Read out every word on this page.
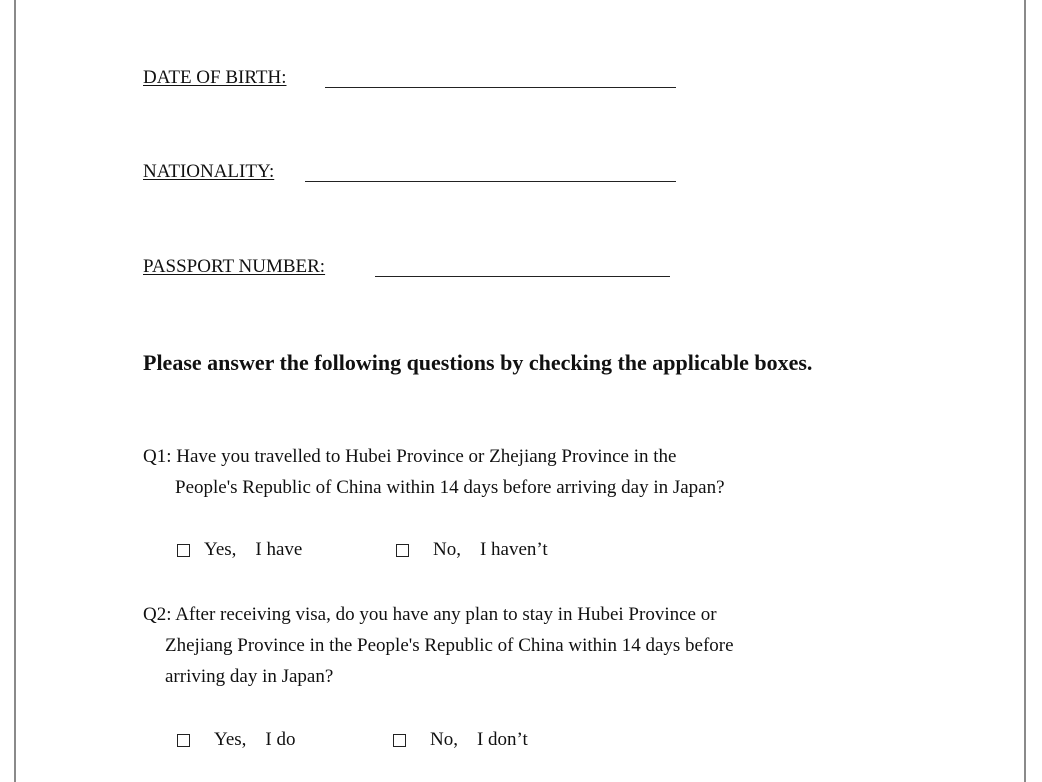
DATE OF BIRTH:
NATIONALITY:
PASSPORT NUMBER:
Please answer the following questions by checking the applicable boxes.
Q1: Have you travelled to Hubei Province or Zhejiang Province in the
People's Republic of China within 14 days before arriving day in Japan?
Yes, I have	No, I haven’t
Q2: After receiving visa, do you have any plan to stay in Hubei Province or
Zhejiang Province in the People's Republic of China within 14 days before
arriving day in Japan?
Yes, I do	No, I don’t
